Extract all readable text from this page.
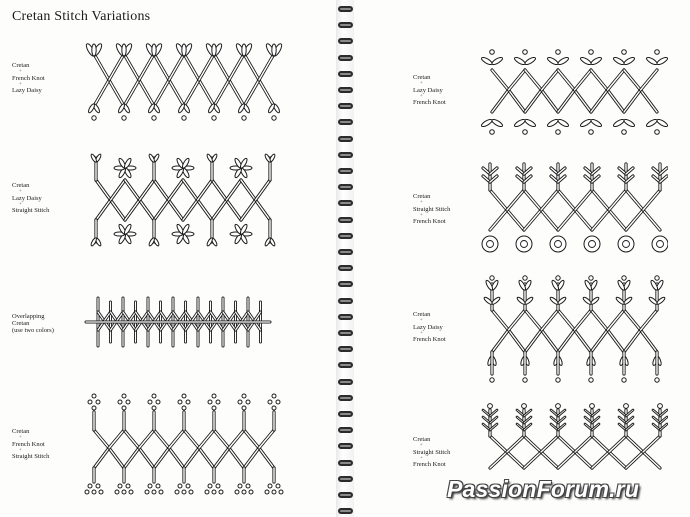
Cretan Stitch Variations
Cretan
+
French Knot
+
Lazy Daisy
Cretan
+
Lazy Daisy
+
Straight Stitch
Overlapping
Cretan
(use two colors)
Cretan
+
French Knot
+
Straight Stitch
Cretan
+
Lazy Daisy
+
French Knot
Cretan
+
Straight Stitch
+
French Knot
Cretan
+
Lazy Daisy
+
French Knot
Cretan
+
Straight Stitch
+
French Knot
PassionForum.ru
